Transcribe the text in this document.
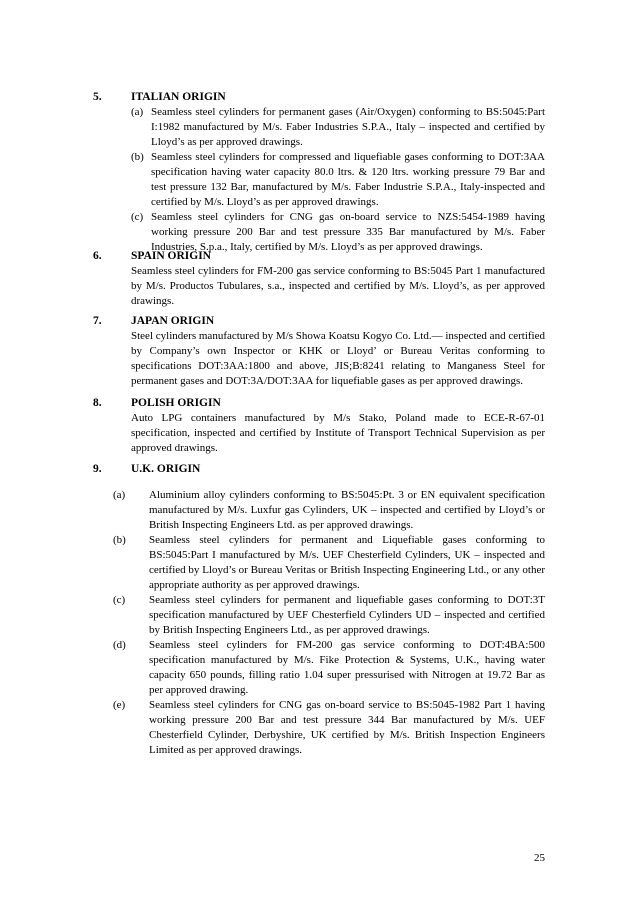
5.	ITALIAN ORIGIN
(a) Seamless steel cylinders for permanent gases (Air/Oxygen) conforming to BS:5045:Part I:1982 manufactured by M/s. Faber Industries S.P.A., Italy – inspected and certified by Lloyd’s as per approved drawings.
(b) Seamless steel cylinders for compressed and liquefiable gases conforming to DOT:3AA specification having water capacity 80.0 ltrs. & 120 ltrs. working pressure 79 Bar and test pressure 132 Bar, manufactured by M/s. Faber Industrie S.P.A., Italy-inspected and certified by M/s. Lloyd’s as per approved drawings.
(c) Seamless steel cylinders for CNG gas on-board service to NZS:5454-1989 having working pressure 200 Bar and test pressure 335 Bar manufactured by M/s. Faber Industries, S.p.a., Italy, certified by M/s. Lloyd’s as per approved drawings.
6.	SPAIN ORIGIN
Seamless steel cylinders for FM-200 gas service conforming to BS:5045 Part 1 manufactured by M/s. Productos Tubulares, s.a., inspected and certified by M/s. Lloyd’s, as per approved drawings.
7.	JAPAN ORIGIN
Steel cylinders manufactured by M/s Showa Koatsu Kogyo Co. Ltd.— inspected and certified by Company’s own Inspector or KHK or Lloyd’ or Bureau Veritas conforming to specifications DOT:3AA:1800 and above, JIS;B:8241 relating to Manganess Steel for permanent gases and DOT:3A/DOT:3AA for liquefiable gases as per approved drawings.
8.	POLISH ORIGIN
Auto LPG containers manufactured by M/s Stako, Poland made to ECE-R-67-01 specification, inspected and certified by Institute of Transport Technical Supervision as per approved drawings.
9.	U.K. ORIGIN
(a) Aluminium alloy cylinders conforming to BS:5045:Pt. 3 or EN equivalent specification manufactured by M/s. Luxfur gas Cylinders, UK – inspected and certified by Lloyd’s or British Inspecting Engineers Ltd. as per approved drawings.
(b) Seamless steel cylinders for permanent and Liquefiable gases conforming to BS:5045:Part I manufactured by M/s. UEF Chesterfield Cylinders, UK – inspected and certified by Lloyd’s or Bureau Veritas or British Inspecting Engineering Ltd., or any other appropriate authority as per approved drawings.
(c) Seamless steel cylinders for permanent and liquefiable gases conforming to DOT:3T specification manufactured by UEF Chesterfield Cylinders UD – inspected and certified by British Inspecting Engineers Ltd., as per approved drawings.
(d) Seamless steel cylinders for FM-200 gas service conforming to DOT:4BA:500 specification manufactured by M/s. Fike Protection & Systems, U.K., having water capacity 650 pounds, filling ratio 1.04 super pressurised with Nitrogen at 19.72 Bar as per approved drawing.
(e) Seamless steel cylinders for CNG gas on-board service to BS:5045-1982 Part 1 having working pressure 200 Bar and test pressure 344 Bar manufactured by M/s. UEF Chesterfield Cylinder, Derbyshire, UK certified by M/s. British Inspection Engineers Limited as per approved drawings.
25
